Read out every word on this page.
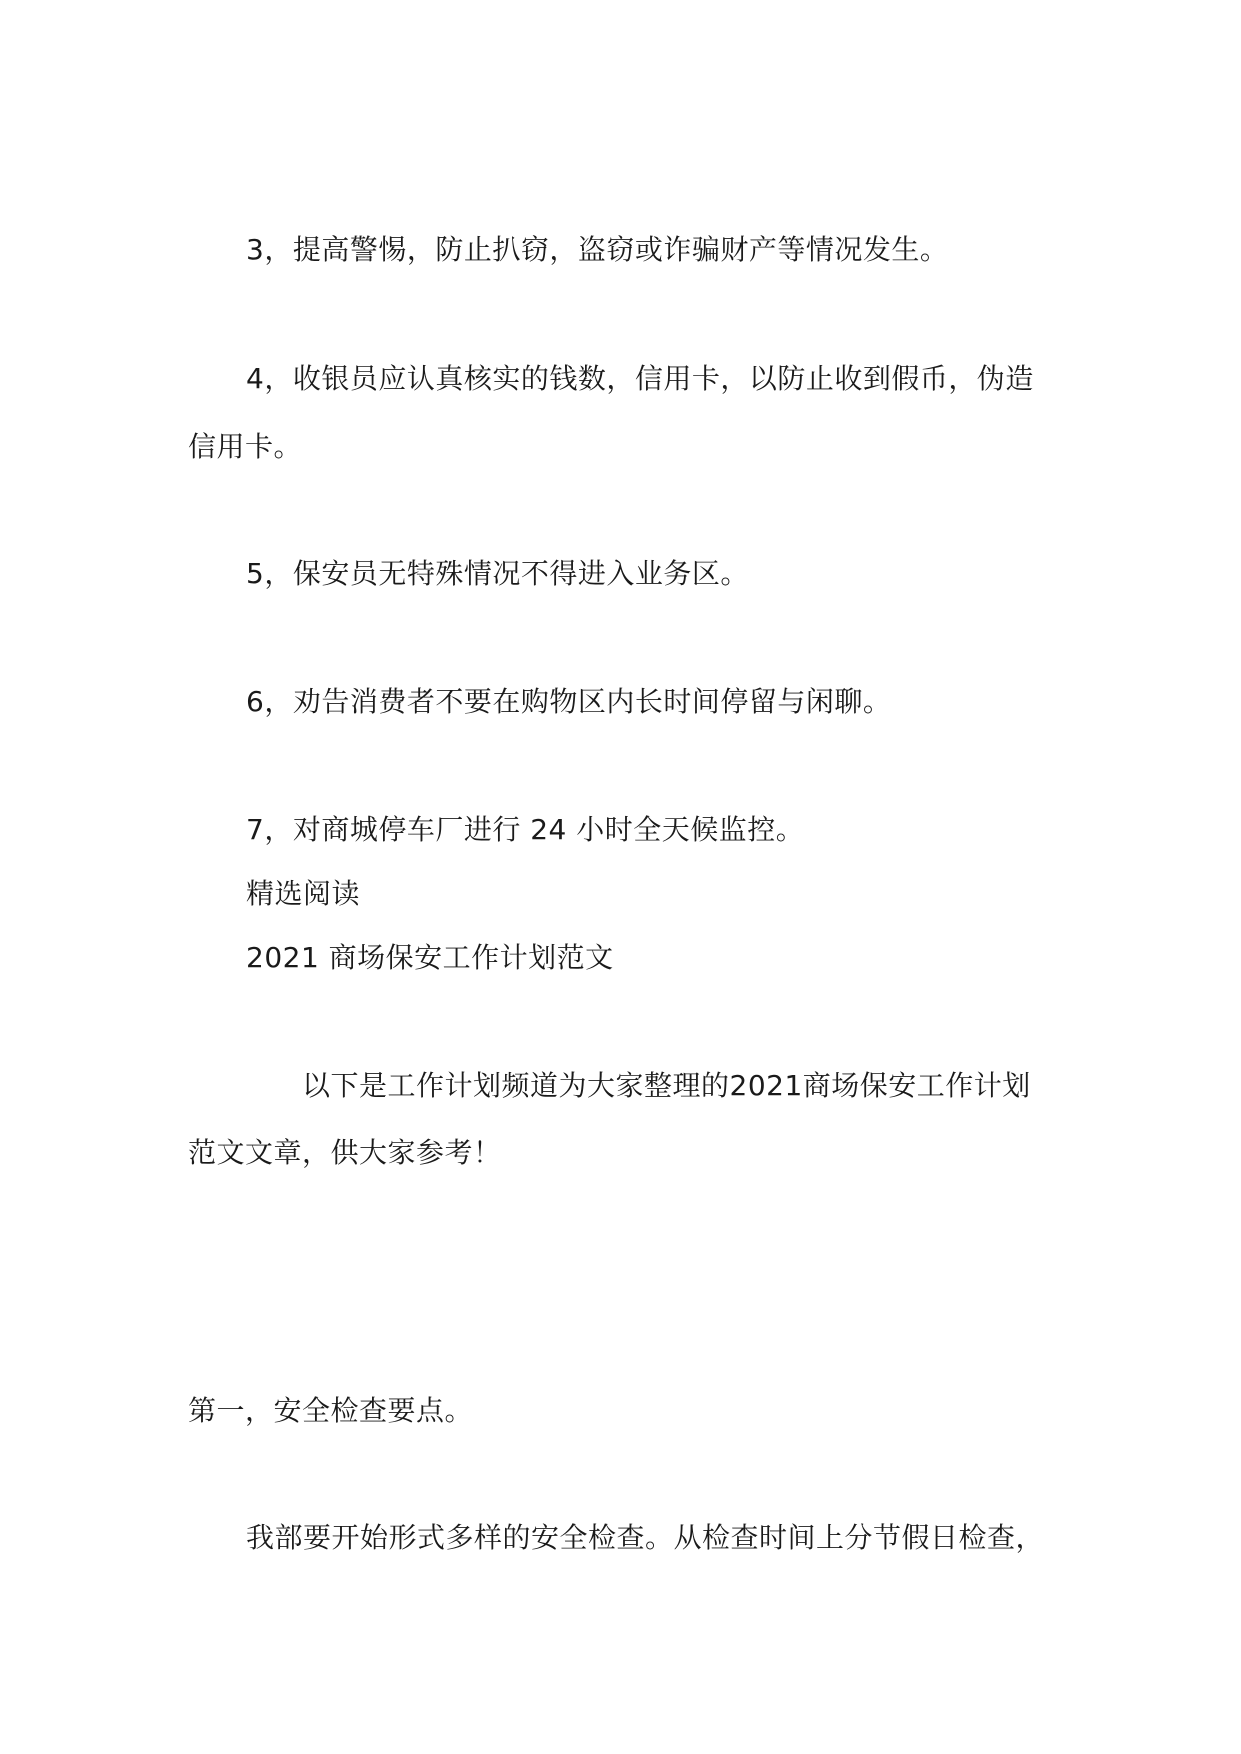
3，提高警惕，防止扒窃，盗窃或诈骗财产等情况发生。
4，收银员应认真核实的钱数，信用卡，以防止收到假币，伪造
信用卡。
5，保安员无特殊情况不得进入业务区。
6，劝告消费者不要在购物区内长时间停留与闲聊。
7，对商城停车厂进行 24 小时全天候监控。
精选阅读
2021 商场保安工作计划范文
以下是工作计划频道为大家整理的2021商场保安工作计划
范文文章，供大家参考！
第一，安全检查要点。
我部要开始形式多样的安全检查。从检查时间上分节假日检查，
